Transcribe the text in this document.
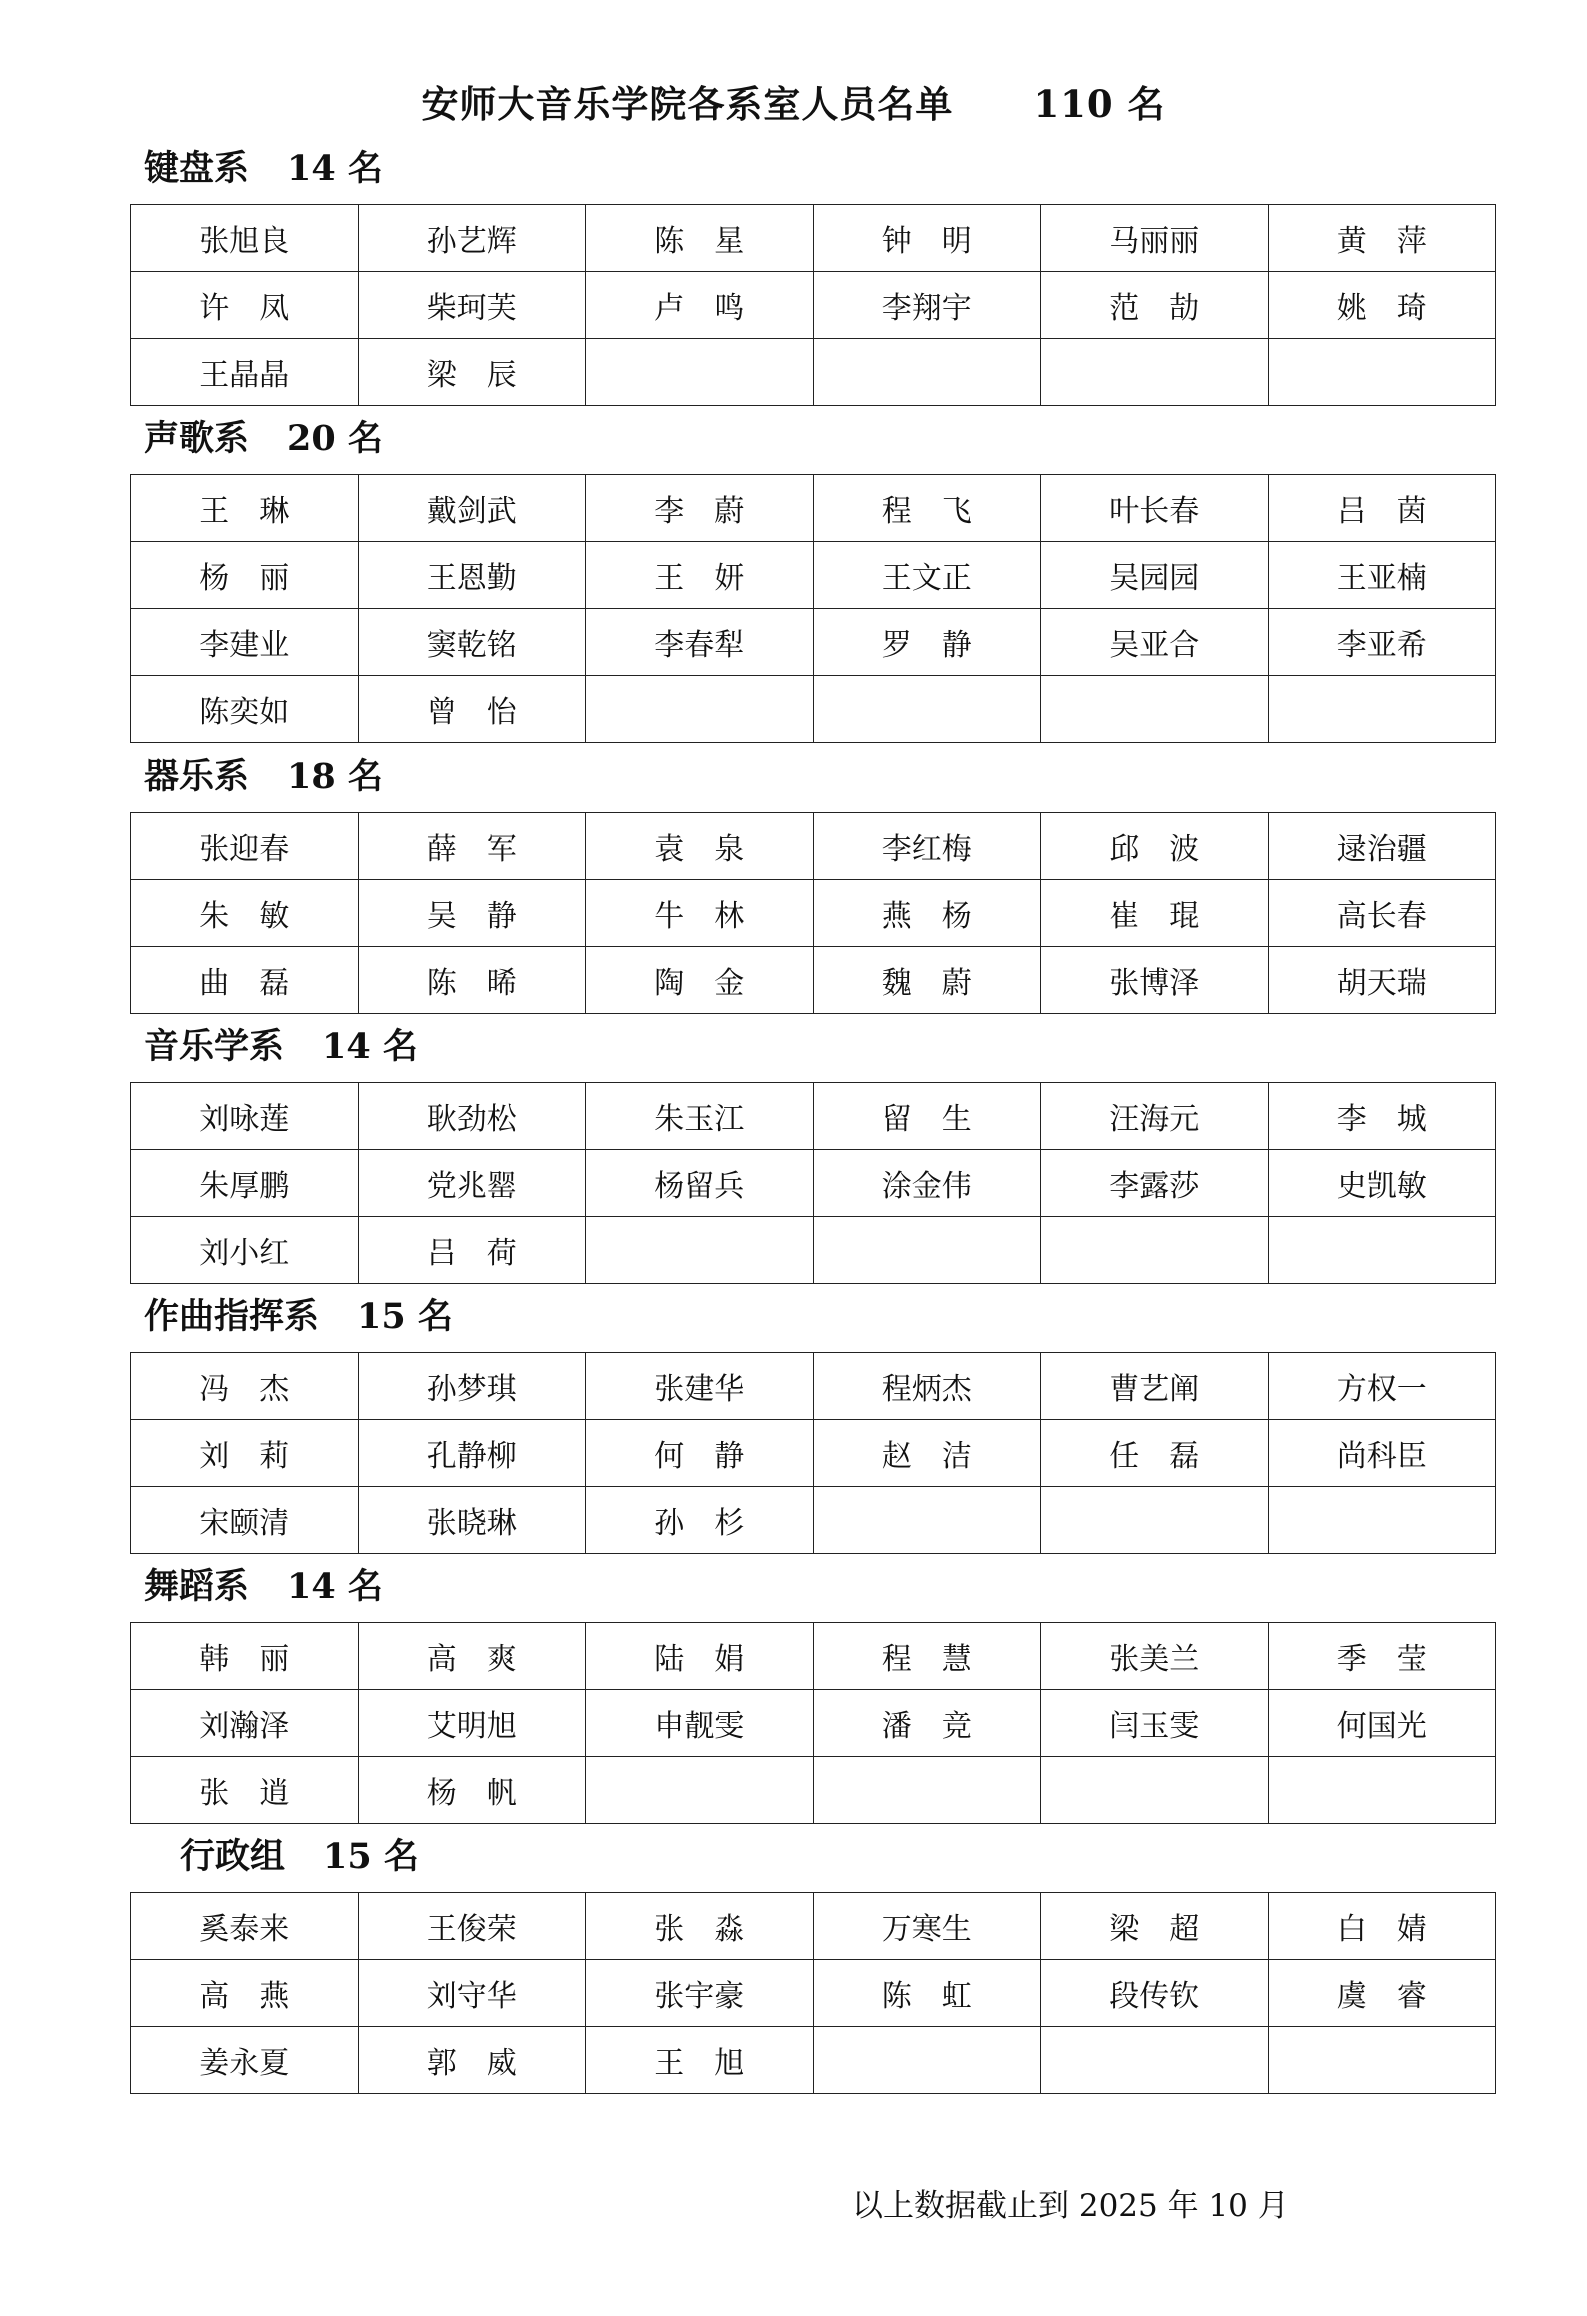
安师大音乐学院各系室人员名单 110 名
键盘系 14 名
张旭良	孙艺辉	陈　星	钟　明	马丽丽	黄　萍
许　凤	柴珂芙	卢　鸣	李翔宇	范　劼	姚　琦
王晶晶	梁　辰				
声歌系 20 名
王　琳	戴剑武	李　蔚	程　飞	叶长春	吕　茵
杨　丽	王恩勤	王　妍	王文正	吴园园	王亚楠
李建业	窦乾铭	李春犁	罗　静	吴亚合	李亚希
陈奕如	曾　怡				
器乐系 18 名
张迎春	薛　军	袁　泉	李红梅	邱　波	逯治疆
朱　敏	吴　静	牛　林	燕　杨	崔　琨	高长春
曲　磊	陈　晞	陶　金	魏　蔚	张博泽	胡天瑞
音乐学系 14 名
刘咏莲	耿劲松	朱玉江	留　生	汪海元	李　城
朱厚鹏	党兆罂	杨留兵	涂金伟	李露莎	史凯敏
刘小红	吕　荷				
作曲指挥系 15 名
冯　杰	孙梦琪	张建华	程炳杰	曹艺阐	方权一
刘　莉	孔静柳	何　静	赵　洁	任　磊	尚科臣
宋颐清	张晓琳	孙　杉			
舞蹈系 14 名
韩　丽	高　爽	陆　娟	程　慧	张美兰	季　莹
刘瀚泽	艾明旭	申靓雯	潘　竞	闫玉雯	何国光
张　逍	杨　帆				
行政组 15 名
奚泰来	王俊荣	张　淼	万寒生	梁　超	白　婧
高　燕	刘守华	张宇豪	陈　虹	段传钦	虞　睿
姜永夏	郭　威	王　旭			
以上数据截止到 2025 年 10 月
